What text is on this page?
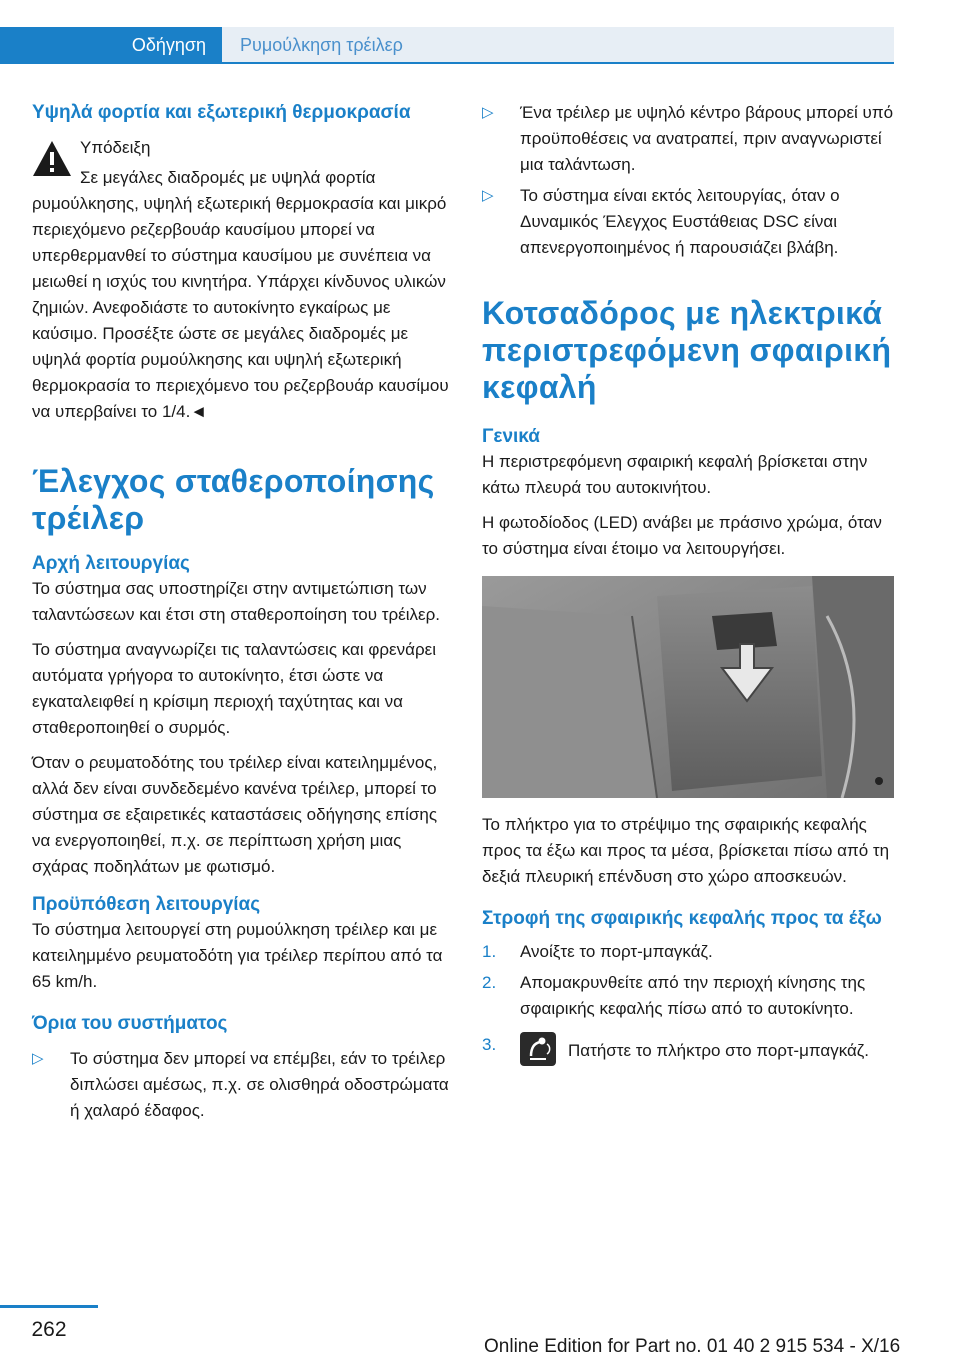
Οδήγηση Ρυμούλκηση τρέιλερ
Υψηλά φορτία και εξωτερική θερμοκρασία

Υπόδειξη

Σε μεγάλες διαδρομές με υψηλά φορτία ρυμούλκησης, υψηλή εξωτερική θερμοκρασία και μικρό περιεχόμενο ρεζερβουάρ καυσίμου μπορεί να υπερθερμανθεί το σύστημα καυσίμου με συνέπεια να μειωθεί η ισχύς του κινητήρα. Υπάρχει κίνδυνος υλικών ζημιών. Ανεφοδιάστε το αυτοκίνητο εγκαίρως με καύσιμο. Προσέξτε ώστε σε μεγάλες διαδρομές με υψηλά φορτία ρυμούλκησης και υψηλή εξωτερική θερμοκρασία το περιεχόμενο του ρεζερβουάρ καυσίμου να υπερβαίνει το 1/4.◄

Έλεγχος σταθεροποίησης τρέιλερ
Αρχή λειτουργίας

Το σύστημα σας υποστηρίζει στην αντιμετώπιση των ταλαντώσεων και έτσι στη σταθεροποίηση του τρέιλερ.

Το σύστημα αναγνωρίζει τις ταλαντώσεις και φρενάρει αυτόματα γρήγορα το αυτοκίνητο, έτσι ώστε να εγκαταλειφθεί η κρίσιμη περιοχή ταχύτητας και να σταθεροποιηθεί ο συρμός.

Όταν ο ρευματοδότης του τρέιλερ είναι κατειλημμένος, αλλά δεν είναι συνδεδεμένο κανένα τρέιλερ, μπορεί το σύστημα σε εξαιρετικές καταστάσεις οδήγησης επίσης να ενεργοποιηθεί, π.χ. σε περίπτωση χρήση μιας σχάρας ποδηλάτων με φωτισμό.

Προϋπόθεση λειτουργίας

Το σύστημα λειτουργεί στη ρυμούλκηση τρέιλερ και με κατειλημμένο ρευματοδότη για τρέιλερ περίπου από τα 65 km/h.

Όρια του συστήματος
▷ Το σύστημα δεν μπορεί να επέμβει, εάν το τρέιλερ διπλώσει αμέσως, π.χ. σε ολισθηρά οδοστρώματα ή χαλαρό έδαφος.
▷ Ένα τρέιλερ με υψηλό κέντρο βάρους μπορεί υπό προϋποθέσεις να ανατραπεί, πριν αναγνωριστεί μια ταλάντωση.
▷ Το σύστημα είναι εκτός λειτουργίας, όταν ο Δυναμικός Έλεγχος Ευστάθειας DSC είναι απενεργοποιημένος ή παρουσιάζει βλάβη.
Κοτσαδόρος με ηλεκτρικά περιστρεφόμενη σφαιρική κεφαλή
Γενικά

Η περιστρεφόμενη σφαιρική κεφαλή βρίσκεται στην κάτω πλευρά του αυτοκινήτου.

Η φωτοδίοδος (LED) ανάβει με πράσινο χρώμα, όταν το σύστημα είναι έτοιμο να λειτουργήσει.

Το πλήκτρο για το στρέψιμο της σφαιρικής κεφαλής προς τα έξω και προς τα μέσα, βρίσκεται πίσω από τη δεξιά πλευρική επένδυση στο χώρο αποσκευών.

Στροφή της σφαιρικής κεφαλής προς τα έξω
1. Ανοίξτε το πορτ-μπαγκάζ.
2. Απομακρυνθείτε από την περιοχή κίνησης της σφαιρικής κεφαλής πίσω από το αυτοκίνητο.
3.	Πατήστε το πλήκτρο στο πορτ-μπαγκάζ.
262
Online Edition for Part no. 01 40 2 915 534 - X/16
